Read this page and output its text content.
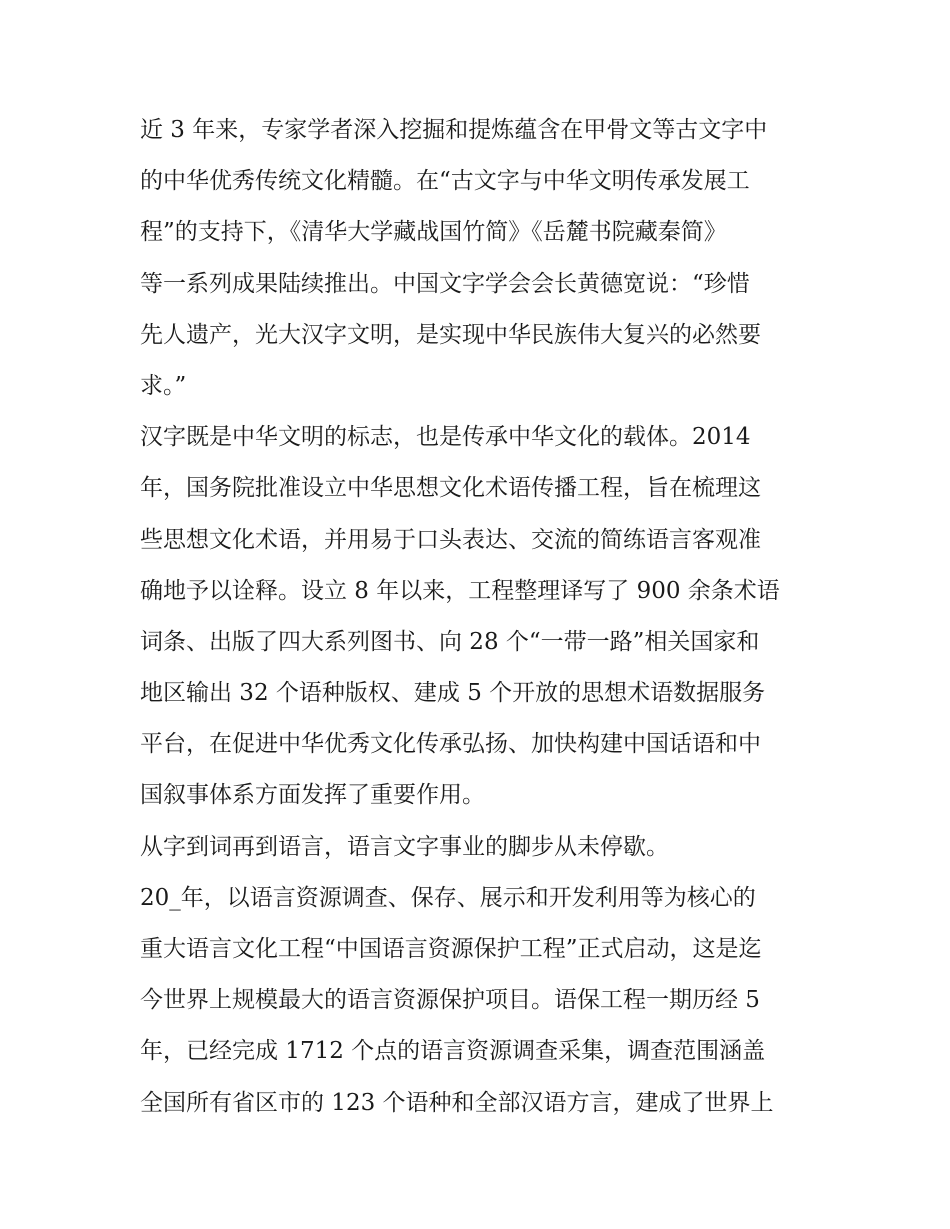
近 3 年来，专家学者深入挖掘和提炼蕴含在甲骨文等古文字中
的中华优秀传统文化精髓。在“古文字与中华文明传承发展工
程”的支持下，《清华大学藏战国竹简》《岳麓书院藏秦简》
等一系列成果陆续推出。中国文字学会会长黄德宽说：“珍惜
先人遗产，光大汉字文明，是实现中华民族伟大复兴的必然要
求。”
汉字既是中华文明的标志，也是传承中华文化的载体。2014
年，国务院批准设立中华思想文化术语传播工程，旨在梳理这
些思想文化术语，并用易于口头表达、交流的简练语言客观准
确地予以诠释。设立 8 年以来，工程整理译写了 900 余条术语
词条、出版了四大系列图书、向 28 个“一带一路”相关国家和
地区输出 32 个语种版权、建成 5 个开放的思想术语数据服务
平台，在促进中华优秀文化传承弘扬、加快构建中国话语和中
国叙事体系方面发挥了重要作用。
从字到词再到语言，语言文字事业的脚步从未停歇。
20_年，以语言资源调查、保存、展示和开发利用等为核心的
重大语言文化工程“中国语言资源保护工程”正式启动，这是迄
今世界上规模最大的语言资源保护项目。语保工程一期历经 5
年，已经完成 1712 个点的语言资源调查采集，调查范围涵盖
全国所有省区市的 123 个语种和全部汉语方言，建成了世界上
